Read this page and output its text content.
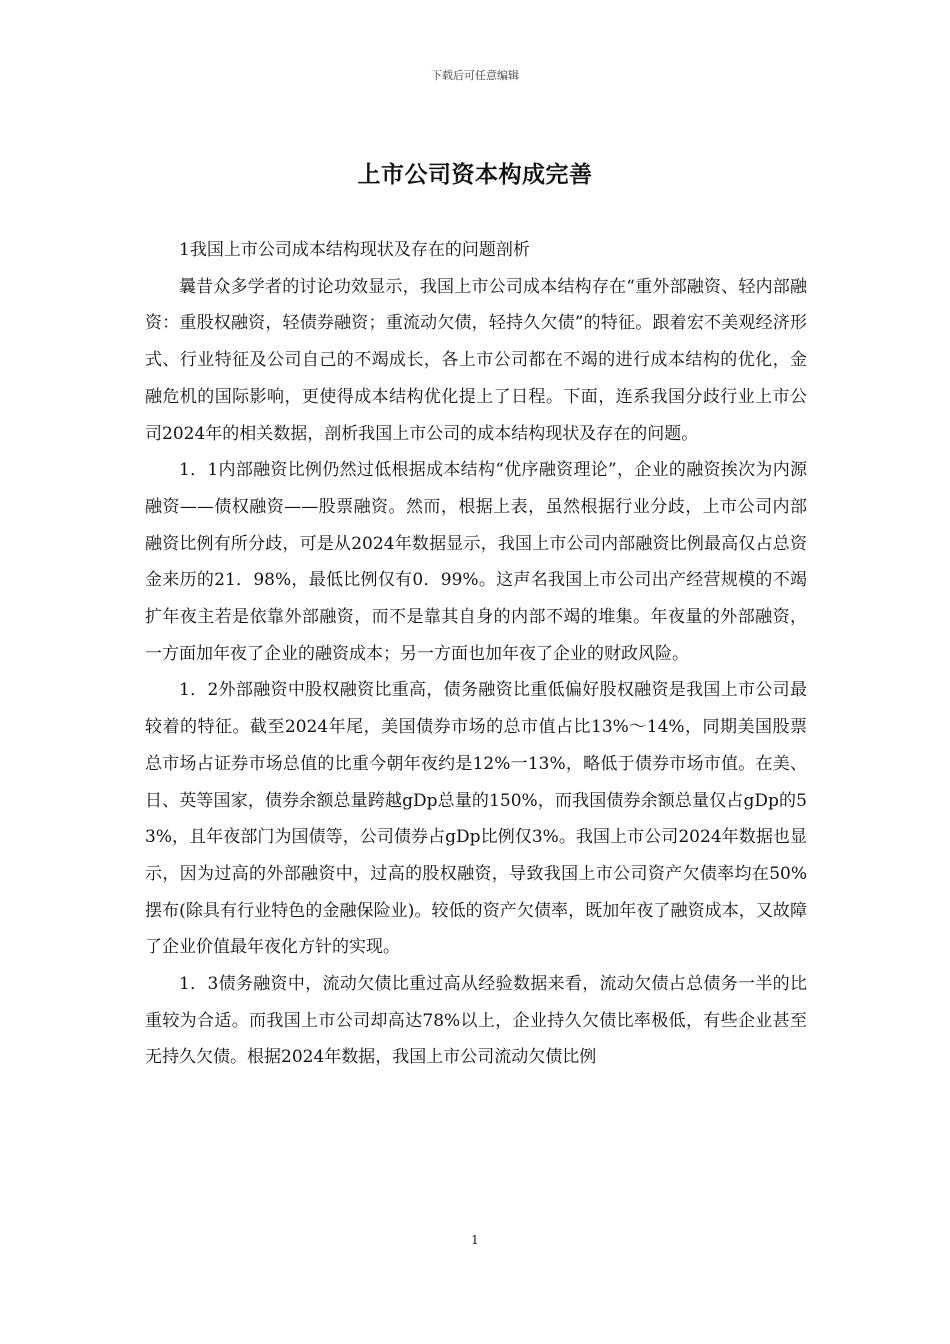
下载后可任意编辑
上市公司资本构成完善

1我国上市公司成本结构现状及存在的问题剖析

曩昔众多学者的讨论功效显示，我国上市公司成本结构存在“重外部融资、轻内部融资：重股权融资，轻债券融资；重流动欠债，轻持久欠债”的特征。跟着宏不美观经济形式、行业特征及公司自己的不竭成长，各上市公司都在不竭的进行成本结构的优化，金融危机的国际影响，更使得成本结构优化提上了日程。下面，连系我国分歧行业上市公司2024年的相关数据，剖析我国上市公司的成本结构现状及存在的问题。

1．1内部融资比例仍然过低根据成本结构“优序融资理论”，企业的融资挨次为内源融资——债权融资——股票融资。然而，根据上表，虽然根据行业分歧，上市公司内部融资比例有所分歧，可是从2024年数据显示，我国上市公司内部融资比例最高仅占总资金来历的21．98%，最低比例仅有0．99%。这声名我国上市公司出产经营规模的不竭扩年夜主若是依靠外部融资，而不是靠其自身的内部不竭的堆集。年夜量的外部融资，一方面加年夜了企业的融资成本；另一方面也加年夜了企业的财政风险。

1．2外部融资中股权融资比重高，债务融资比重低偏好股权融资是我国上市公司最较着的特征。截至2024年尾，美国债券市场的总市值占比13%～14%，同期美国股票总市场占证券市场总值的比重今朝年夜约是12%一13%，略低于债券市场市值。在美、日、英等国家，债券余额总量跨越gDp总量的150%，而我国债券余额总量仅占gDp的53%，且年夜部门为国债等，公司债券占gDp比例仅3%。我国上市公司2024年数据也显示，因为过高的外部融资中，过高的股权融资，导致我国上市公司资产欠债率均在50%摆布(除具有行业特色的金融保险业)。较低的资产欠债率，既加年夜了融资成本，又故障了企业价值最年夜化方针的实现。

1．3债务融资中，流动欠债比重过高从经验数据来看，流动欠债占总债务一半的比重较为合适。而我国上市公司却高达78%以上，企业持久欠债比率极低，有些企业甚至无持久欠债。根据2024年数据，我国上市公司流动欠债比例

1
